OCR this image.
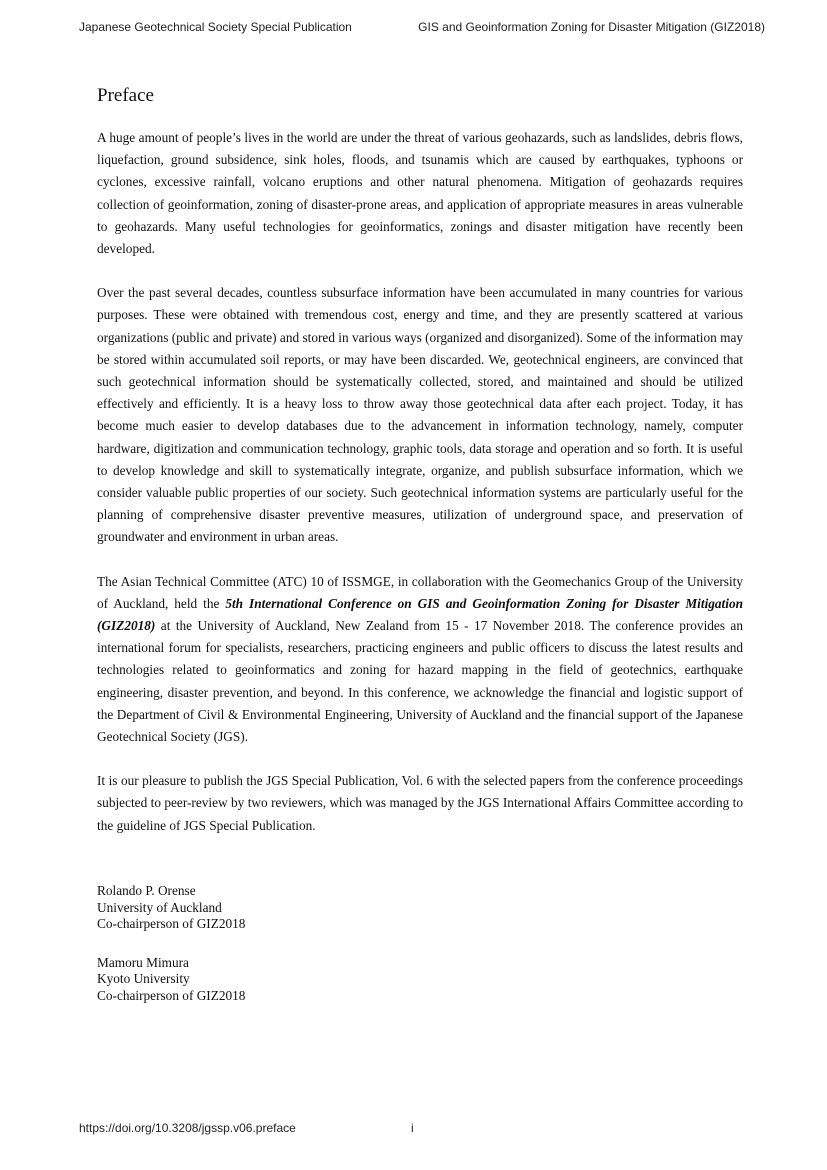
Japanese Geotechnical Society Special Publication	GIS and Geoinformation Zoning for Disaster Mitigation (GIZ2018)
Preface

A huge amount of people’s lives in the world are under the threat of various geohazards, such as landslides, debris flows, liquefaction, ground subsidence, sink holes, floods, and tsunamis which are caused by earthquakes, typhoons or cyclones, excessive rainfall, volcano eruptions and other natural phenomena. Mitigation of geohazards requires collection of geoinformation, zoning of disaster-prone areas, and application of appropriate measures in areas vulnerable to geohazards. Many useful technologies for geoinformatics, zonings and disaster mitigation have recently been developed.

Over the past several decades, countless subsurface information have been accumulated in many countries for various purposes. These were obtained with tremendous cost, energy and time, and they are presently scattered at various organizations (public and private) and stored in various ways (organized and disorganized). Some of the information may be stored within accumulated soil reports, or may have been discarded. We, geotechnical engineers, are convinced that such geotechnical information should be systematically collected, stored, and maintained and should be utilized effectively and efficiently. It is a heavy loss to throw away those geotechnical data after each project. Today, it has become much easier to develop databases due to the advancement in information technology, namely, computer hardware, digitization and communication technology, graphic tools, data storage and operation and so forth. It is useful to develop knowledge and skill to systematically integrate, organize, and publish subsurface information, which we consider valuable public properties of our society. Such geotechnical information systems are particularly useful for the planning of comprehensive disaster preventive measures, utilization of underground space, and preservation of groundwater and environment in urban areas.

The Asian Technical Committee (ATC) 10 of ISSMGE, in collaboration with the Geomechanics Group of the University of Auckland, held the 5th International Conference on GIS and Geoinformation Zoning for Disaster Mitigation (GIZ2018) at the University of Auckland, New Zealand from 15 - 17 November 2018. The conference provides an international forum for specialists, researchers, practicing engineers and public officers to discuss the latest results and technologies related to geoinformatics and zoning for hazard mapping in the field of geotechnics, earthquake engineering, disaster prevention, and beyond. In this conference, we acknowledge the financial and logistic support of the Department of Civil & Environmental Engineering, University of Auckland and the financial support of the Japanese Geotechnical Society (JGS).

It is our pleasure to publish the JGS Special Publication, Vol. 6 with the selected papers from the conference proceedings subjected to peer-review by two reviewers, which was managed by the JGS International Affairs Committee according to the guideline of JGS Special Publication.

Rolando P. Orense
University of Auckland
Co-chairperson of GIZ2018
Mamoru Mimura
Kyoto University
Co-chairperson of GIZ2018
https://doi.org/10.3208/jgssp.v06.preface	i
